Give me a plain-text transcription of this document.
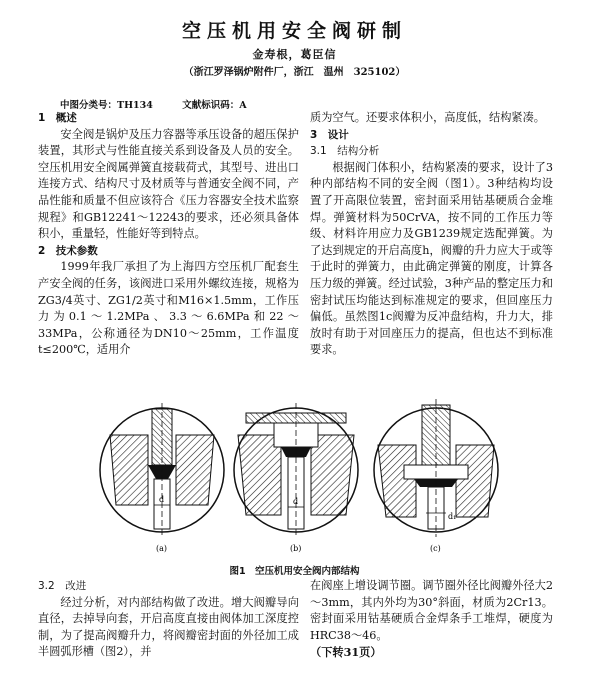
空压机用安全阀研制
金寿根，葛臣信
（浙江罗泽锅炉附件厂，浙江　温州　325102）
中图分类号：TH134	文献标识码：A

1　概述

安全阀是锅炉及压力容器等承压设备的超压保护装置，其形式与性能直接关系到设备及人员的安全。空压机用安全阀属弹簧直接载荷式，其型号、进出口连接方式、结构尺寸及材质等与普通安全阀不同，产品性能和质量不但应该符合《压力容器安全技术监察规程》和GB12241～12243的要求，还必须具备体积小，重量轻，性能好等到特点。

2　技术参数

1999年我厂承担了为上海四方空压机厂配套生产安全阀的任务，该阀进口采用外螺纹连接，规格为ZG3/4英寸、ZG1/2英寸和M16×1.5mm，工作压力为0.1～1.2MPa、3.3～6.6MPa和22～33MPa，公称通径为DN10～25mm，工作温度t≤200℃，适用介

质为空气。还要求体积小，高度低，结构紧凑。

3　设计

3.1　结构分析

根据阀门体积小，结构紧凑的要求，设计了3种内部结构不同的安全阀（图1）。3种结构均设置了开高限位装置，密封面采用钴基硬质合金堆焊。弹簧材料为50CrVA，按不同的工作压力等级、材料许用应力及GB1239规定选配弹簧。为了达到规定的开启高度h，阀瓣的升力应大于或等于此时的弹簧力，由此确定弹簧的刚度，计算各压力级的弹簧。经过试验，3种产品的整定压力和密封试压均能达到标准规定的要求，但回座压力偏低。虽然图1c阀瓣为反冲盘结构，升力大，排放时有助于对回座压力的提高，但也达不到标准要求。

d	d
d₁
(a)	(b)	(c)
图1　空压机用安全阀内部结构

3.2　改进

经过分析，对内部结构做了改进。增大阀瓣导向直径，去掉导向套，开启高度直接由阀体加工深度控制，为了提高阀瓣升力，将阀瓣密封面的外径加工成半圆弧形槽（图2），并

在阀座上增设调节圈。调节圈外径比阀瓣外径大2～3mm，其内外均为30°斜面，材质为2Cr13。密封面采用钴基硬质合金焊条手工堆焊，硬度为HRC38～46。

（下转31页）
